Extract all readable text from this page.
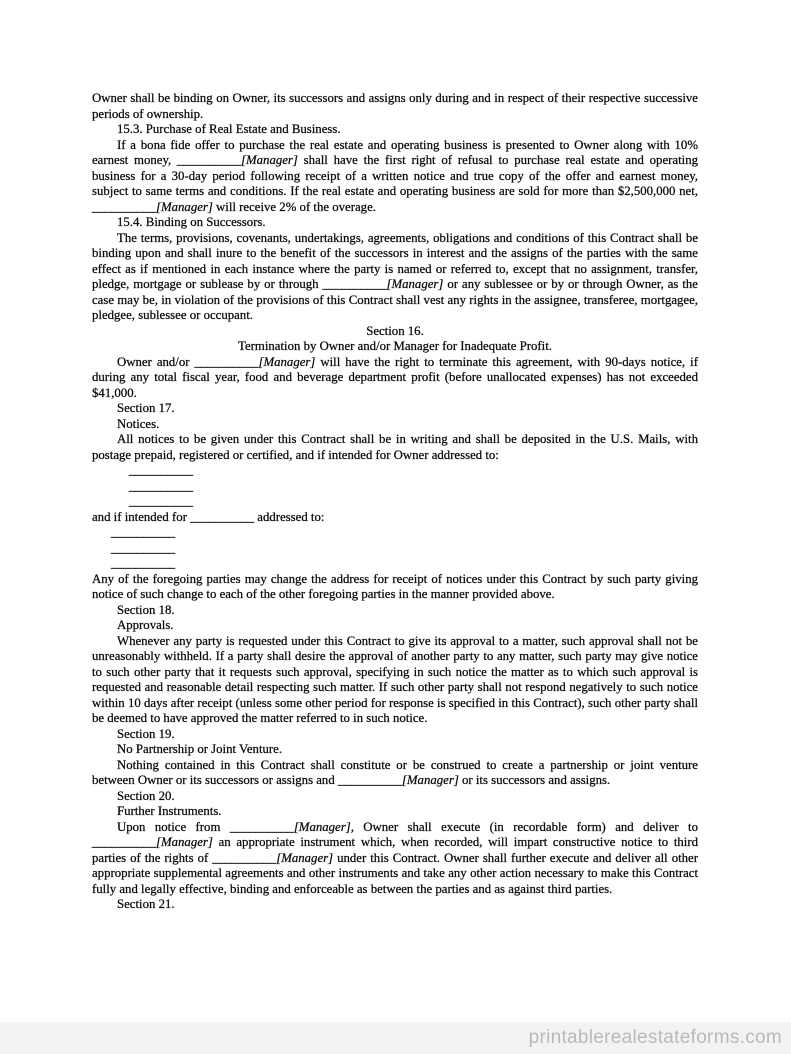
Owner shall be binding on Owner, its successors and assigns only during and in respect of their respective successive periods of ownership.

15.3. Purchase of Real Estate and Business.

If a bona fide offer to purchase the real estate and operating business is presented to Owner along with 10% earnest money, __________[Manager] shall have the first right of refusal to purchase real estate and operating business for a 30-day period following receipt of a written notice and true copy of the offer and earnest money, subject to same terms and conditions. If the real estate and operating business are sold for more than $2,500,000 net, __________[Manager] will receive 2% of the overage.

15.4. Binding on Successors.

The terms, provisions, covenants, undertakings, agreements, obligations and conditions of this Contract shall be binding upon and shall inure to the benefit of the successors in interest and the assigns of the parties with the same effect as if mentioned in each instance where the party is named or referred to, except that no assignment, transfer, pledge, mortgage or sublease by or through __________[Manager] or any sublessee or by or through Owner, as the case may be, in violation of the provisions of this Contract shall vest any rights in the assignee, transferee, mortgagee, pledgee, sublessee or occupant.

Section 16.

Termination by Owner and/or Manager for Inadequate Profit.

Owner and/or __________[Manager] will have the right to terminate this agreement, with 90-days notice, if during any total fiscal year, food and beverage department profit (before unallocated expenses) has not exceeded $41,000.

Section 17.

Notices.

All notices to be given under this Contract shall be in writing and shall be deposited in the U.S. Mails, with postage prepaid, registered or certified, and if intended for Owner addressed to:

__________

__________

__________

and if intended for __________ addressed to:

__________

__________

__________

Any of the foregoing parties may change the address for receipt of notices under this Contract by such party giving notice of such change to each of the other foregoing parties in the manner provided above.

Section 18.

Approvals.

Whenever any party is requested under this Contract to give its approval to a matter, such approval shall not be unreasonably withheld. If a party shall desire the approval of another party to any matter, such party may give notice to such other party that it requests such approval, specifying in such notice the matter as to which such approval is requested and reasonable detail respecting such matter. If such other party shall not respond negatively to such notice within 10 days after receipt (unless some other period for response is specified in this Contract), such other party shall be deemed to have approved the matter referred to in such notice.

Section 19.

No Partnership or Joint Venture.

Nothing contained in this Contract shall constitute or be construed to create a partnership or joint venture between Owner or its successors or assigns and __________[Manager] or its successors and assigns.

Section 20.

Further Instruments.

Upon notice from __________[Manager], Owner shall execute (in recordable form) and deliver to __________[Manager] an appropriate instrument which, when recorded, will impart constructive notice to third parties of the rights of __________[Manager] under this Contract. Owner shall further execute and deliver all other appropriate supplemental agreements and other instruments and take any other action necessary to make this Contract fully and legally effective, binding and enforceable as between the parties and as against third parties.

Section 21.

printablerealestateforms.com
